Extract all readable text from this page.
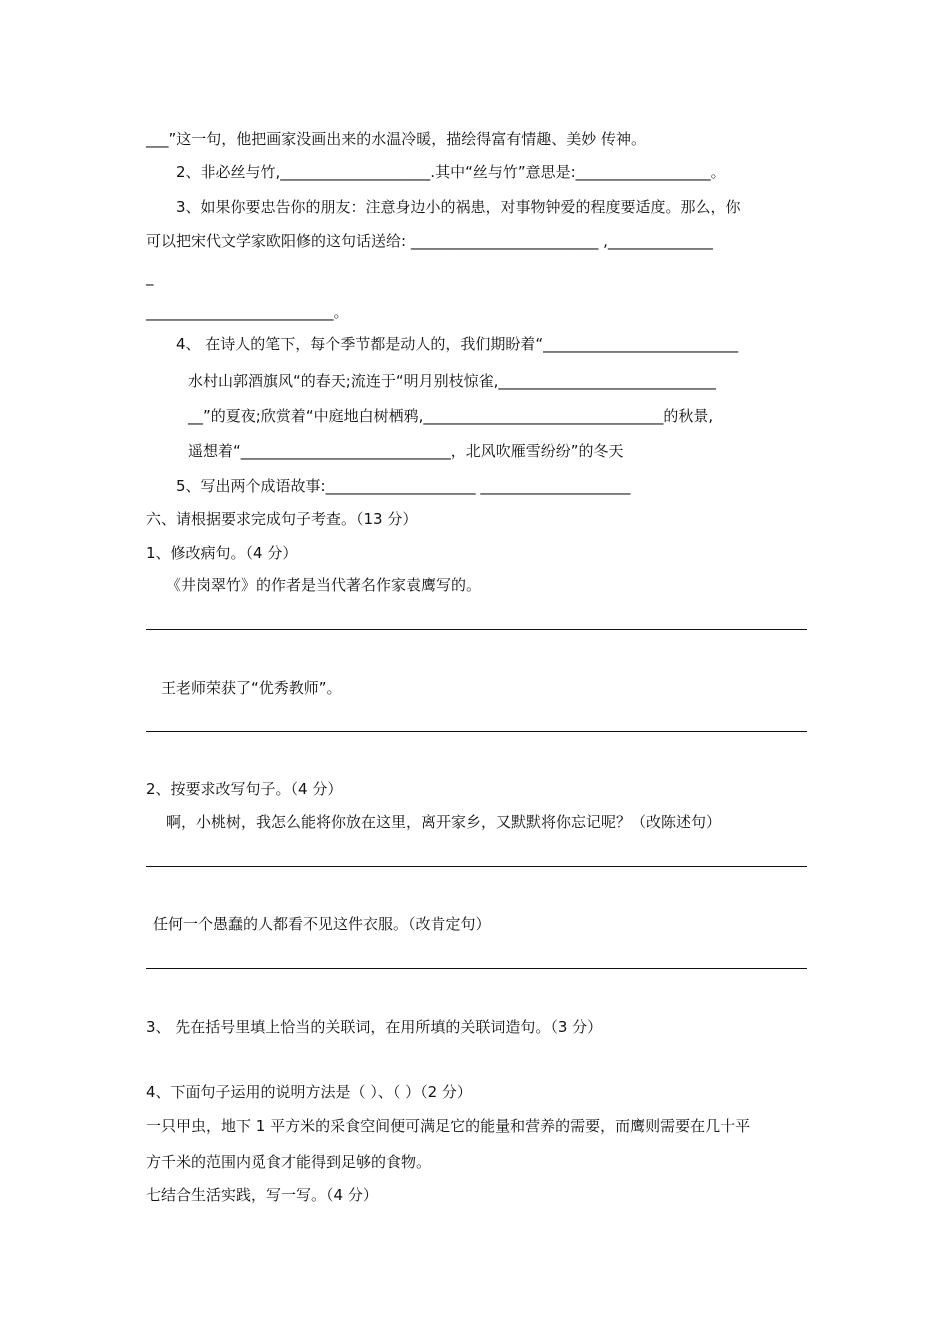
___”这一句，他把画家没画出来的水温冷暖，描绘得富有情趣、美妙 传神。
2、非必丝与竹,____________________.其中“丝与竹”意思是:__________________。
3、如果你要忠告你的朋友：注意身边小的祸患，对事物钟爱的程度要适度。那么，你
可以把宋代文学家欧阳修的这句话送给: _________________________ ,______________
_
_________________________。
4、 在诗人的笔下，每个季节都是动人的，我们期盼着“__________________________
水村山郭酒旗风“的春天;流连于“明月别枝惊雀,_____________________________
__”的夏夜;欣赏着“中庭地白树栖鸦,________________________________的秋景,
遥想着“____________________________，北风吹雁雪纷纷”的冬天
5、写出两个成语故事:____________________ ____________________
六、请根据要求完成句子考查。（13 分）
1、修改病句。（4 分）
《井岗翠竹》的作者是当代著名作家袁鹰写的。
王老师荣获了“优秀教师”。
2、按要求改写句子。（4 分）
啊，小桃树，我怎么能将你放在这里，离开家乡，又默默将你忘记呢？（改陈述句）
任何一个愚蠢的人都看不见这件衣服。（改肯定句）
3、 先在括号里填上恰当的关联词，在用所填的关联词造句。（3 分）
4、下面句子运用的说明方法是（ ）、（ ）（2 分）
一只甲虫，地下 1 平方米的采食空间便可满足它的能量和营养的需要，而鹰则需要在几十平
方千米的范围内觅食才能得到足够的食物。
七结合生活实践，写一写。（4 分）
